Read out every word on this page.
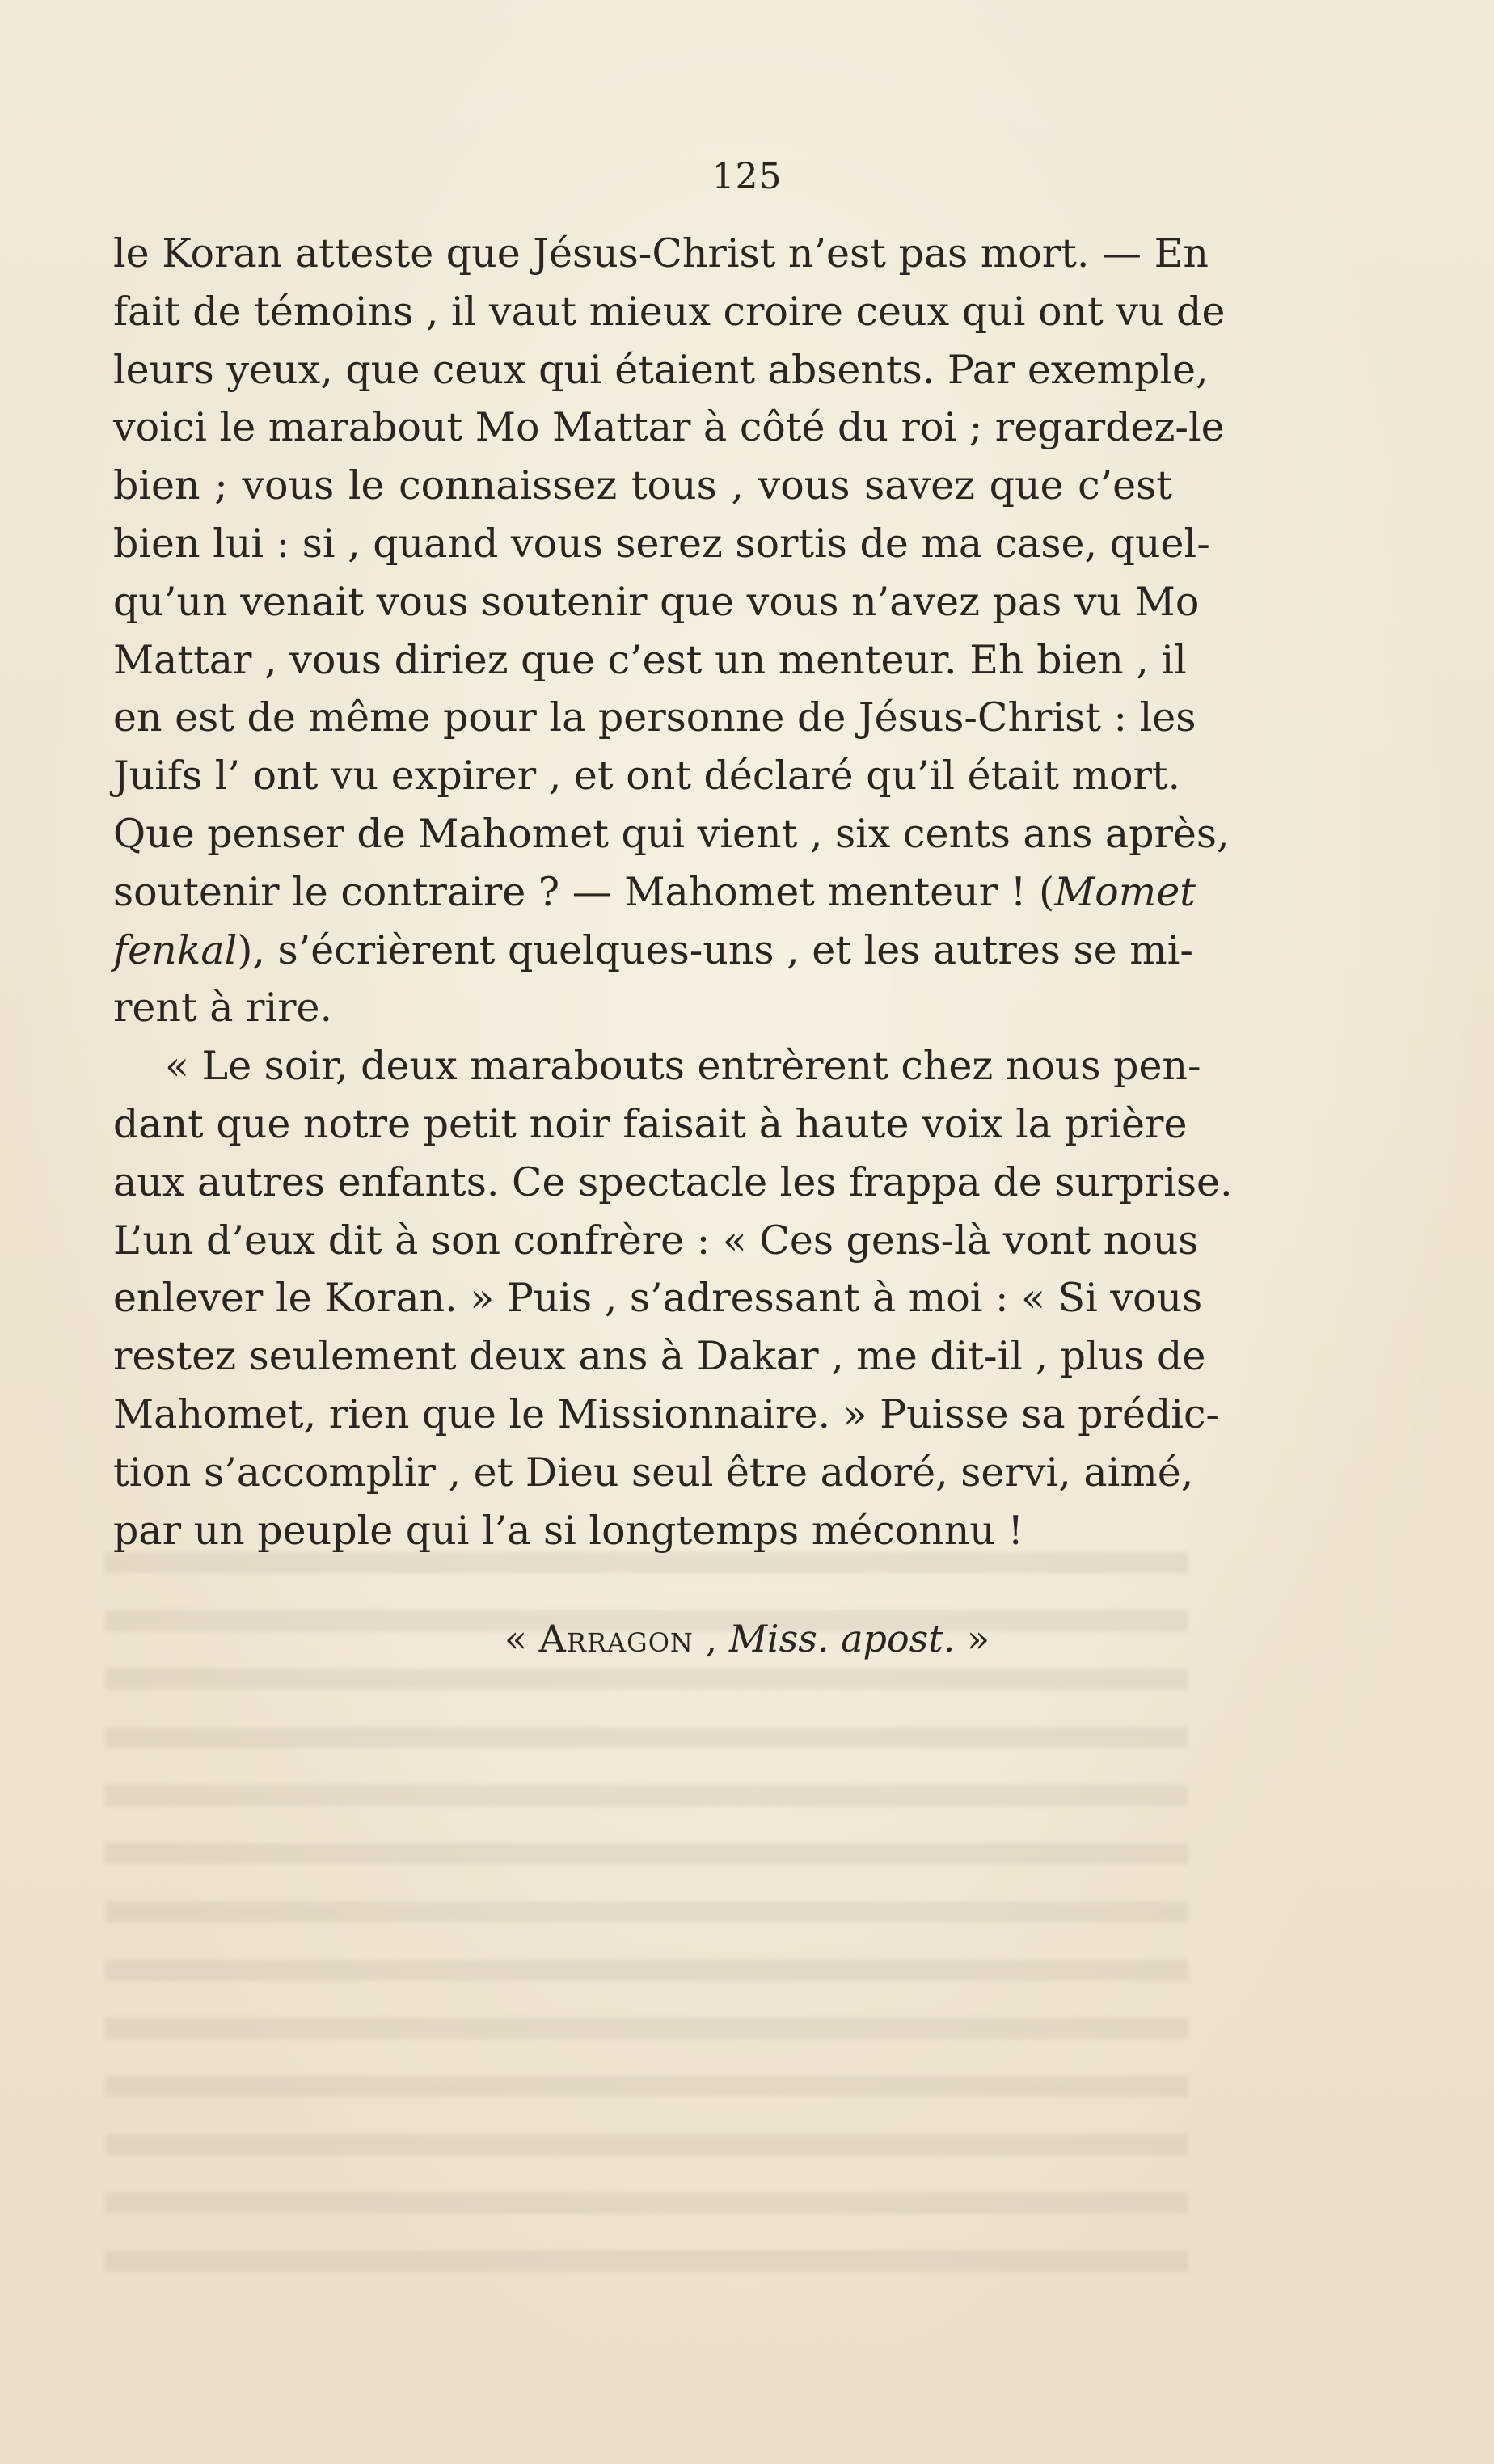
125
le Koran atteste que Jésus-Christ n’est pas mort. — En
fait de témoins , il vaut mieux croire ceux qui ont vu de
leurs yeux, que ceux qui étaient absents. Par exemple,
voici le marabout Mo Mattar à côté du roi ; regardez-le
bien ; vous le connaissez tous , vous savez que c’est
bien lui : si , quand vous serez sortis de ma case, quel-
qu’un venait vous soutenir que vous n’avez pas vu Mo
Mattar , vous diriez que c’est un menteur. Eh bien , il
en est de même pour la personne de Jésus-Christ : les
Juifs l’ ont vu expirer , et ont déclaré qu’il était mort.
Que penser de Mahomet qui vient , six cents ans après,
soutenir le contraire ? — Mahomet menteur ! (Momet
fenkal), s’écrièrent quelques-uns , et les autres se mi-
rent à rire.
« Le soir, deux marabouts entrèrent chez nous pen-
dant que notre petit noir faisait à haute voix la prière
aux autres enfants. Ce spectacle les frappa de surprise.
L’un d’eux dit à son confrère : « Ces gens-là vont nous
enlever le Koran. » Puis , s’adressant à moi : « Si vous
restez seulement deux ans à Dakar , me dit-il , plus de
Mahomet, rien que le Missionnaire. » Puisse sa prédic-
tion s’accomplir , et Dieu seul être adoré, servi, aimé,
par un peuple qui l’a si longtemps méconnu !
« Arragon , Miss. apost. »
